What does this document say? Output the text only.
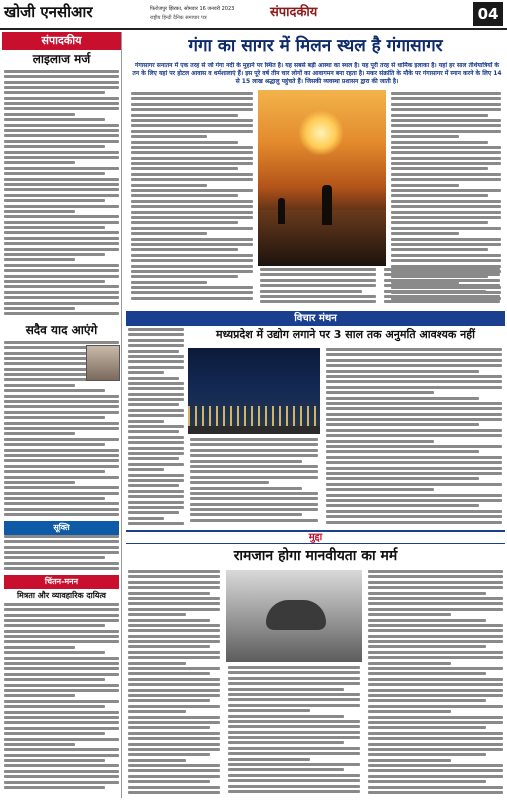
खोजी एनसीआर	फिरोजपुर झिरका, सोमवार 16 जनवरी 2023
राष्ट्रीय हिन्दी दैनिक समाचार पत्र	संपादकीय	04
संपादकीय
लाइलाज मर्ज
सदैव याद आएंगे
सूक्ति
चिंतन-मनन
मित्रता और व्यावहारिक दायित्व
गंगा का सागर में मिलन स्थल है गंगासागर
गंगासागर सनातन में एक तरह से जो गंगा नदी के मुहाने पर स्थित है। यह सबसे बड़ी आस्था का स्थल है। यह पूरी तरह से धार्मिक इलाका है। यहां हर साल तीर्थयात्रियों के तन के लिए यहां पर होटल आवास व धर्मशालाएं हैं। इस पूरे वर्ष तीन चार लोगों का आवागमन बना रहता है। मकर संक्रांति के मौके पर गंगासागर में स्नान करने के लिए 14 से 15 लाख श्रद्धालु पहुंचते हैं। जिसकी व्यवस्था प्रशासन द्वारा की जाती है।
विचार मंथन
मध्यप्रदेश में उद्योग लगाने पर 3 साल तक अनुमति आवश्यक नहीं
मुद्दा
रामजान होगा मानवीयता का मर्म
